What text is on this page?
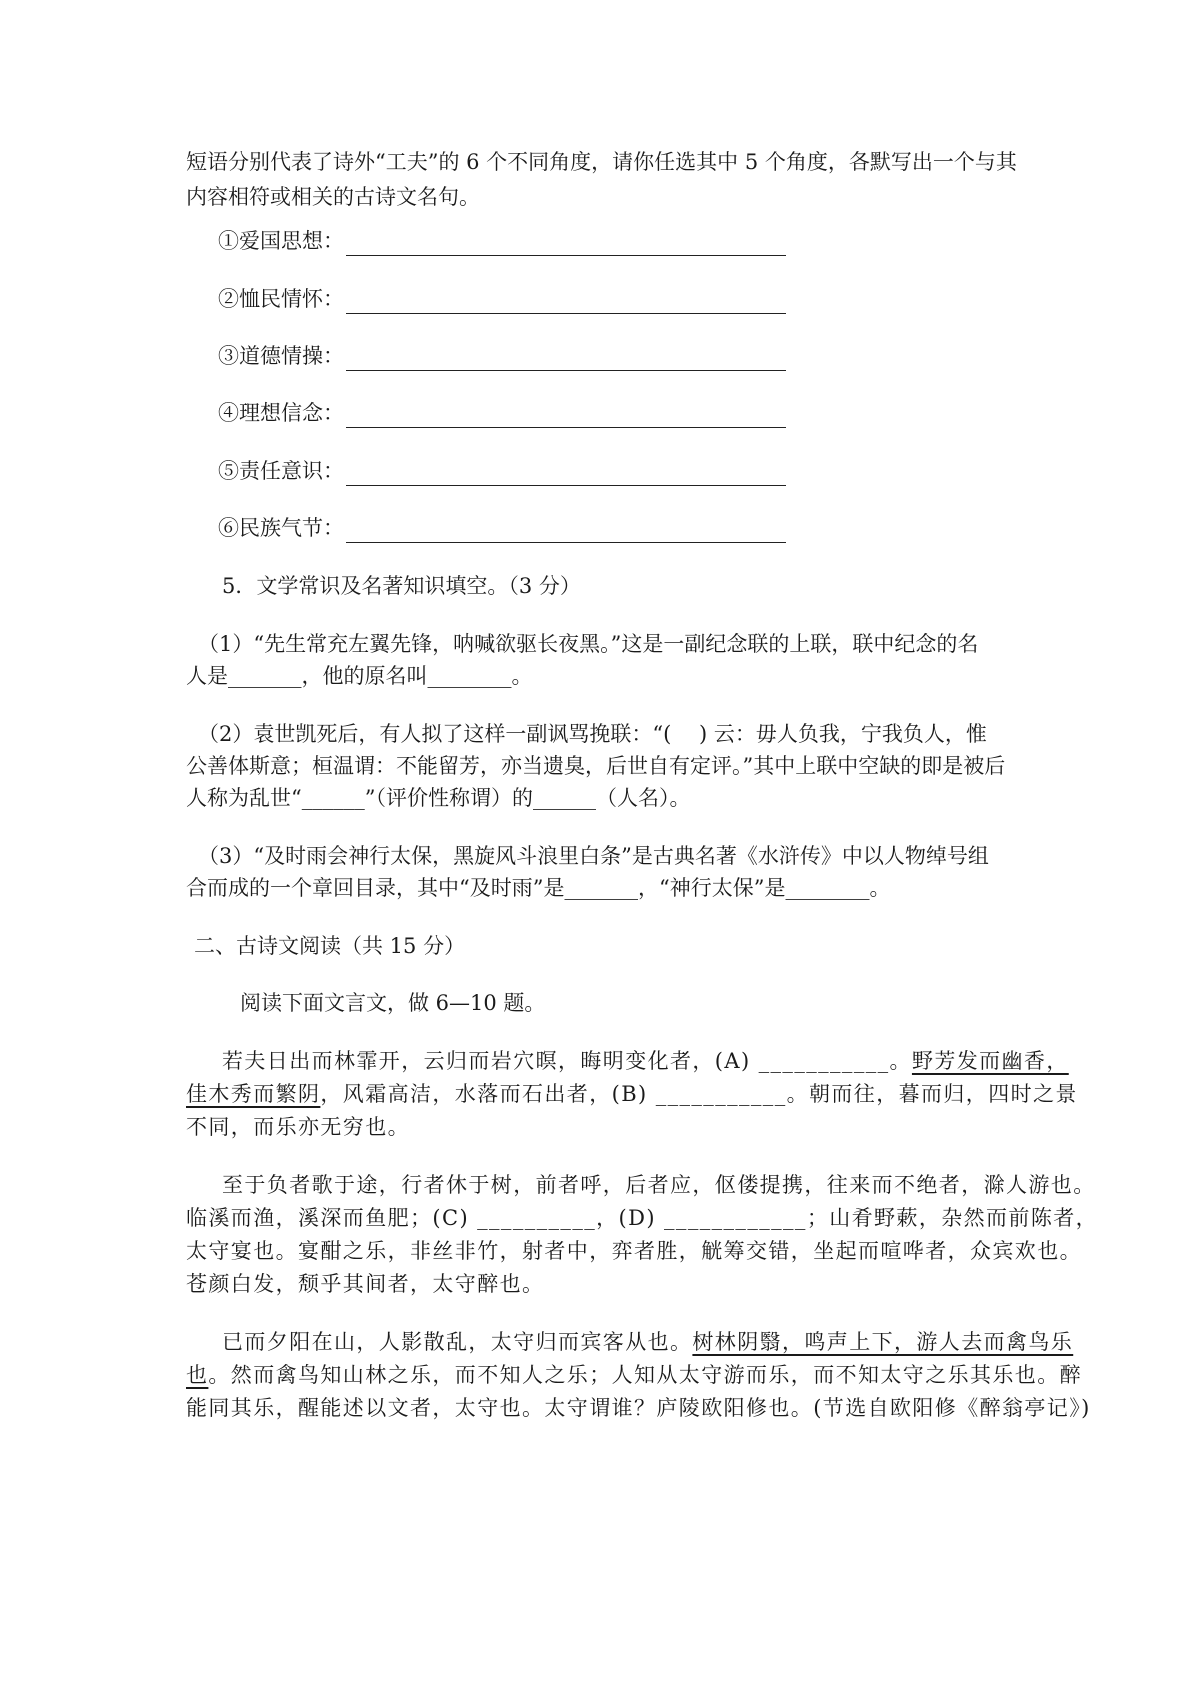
短语分别代表了诗外“工夫”的 6 个不同角度，请你任选其中 5 个角度，各默写出一个与其
内容相符或相关的古诗文名句。
①爱国思想：
②恤民情怀：
③道德情操：
④理想信念：
⑤责任意识：
⑥民族气节：
5．文学常识及名著知识填空。（3 分）
（1）“先生常充左翼先锋，呐喊欲驱长夜黑。”这是一副纪念联的上联，联中纪念的名
人是_______，他的原名叫________。
（2）袁世凯死后，有人拟了这样一副讽骂挽联：“(　 ) 云：毋人负我，宁我负人，惟
公善体斯意；桓温谓：不能留芳，亦当遗臭，后世自有定评。”其中上联中空缺的即是被后
人称为乱世“______”（评价性称谓）的______（人名）。
（3）“及时雨会神行太保，黑旋风斗浪里白条”是古典名著《水浒传》中以人物绰号组
合而成的一个章回目录，其中“及时雨”是_______，“神行太保”是________。
二、古诗文阅读（共 15 分）
阅读下面文言文，做 6—10 题。
若夫日出而林霏开，云归而岩穴暝，晦明变化者，(A) ___________。野芳发而幽香，
佳木秀而繁阴，风霜高洁，水落而石出者，(B) ___________。朝而往，暮而归，四时之景
不同，而乐亦无穷也。
至于负者歌于途，行者休于树，前者呼，后者应，伛偻提携，往来而不绝者，滁人游也。
临溪而渔，溪深而鱼肥；(C) __________，(D) ____________；山肴野蔌，杂然而前陈者，
太守宴也。宴酣之乐，非丝非竹，射者中，弈者胜，觥筹交错，坐起而喧哗者，众宾欢也。
苍颜白发，颓乎其间者，太守醉也。
已而夕阳在山，人影散乱，太守归而宾客从也。树林阴翳，鸣声上下，游人去而禽鸟乐
也。然而禽鸟知山林之乐，而不知人之乐；人知从太守游而乐，而不知太守之乐其乐也。醉
能同其乐，醒能述以文者，太守也。太守谓谁？庐陵欧阳修也。(节选自欧阳修《醉翁亭记》)
